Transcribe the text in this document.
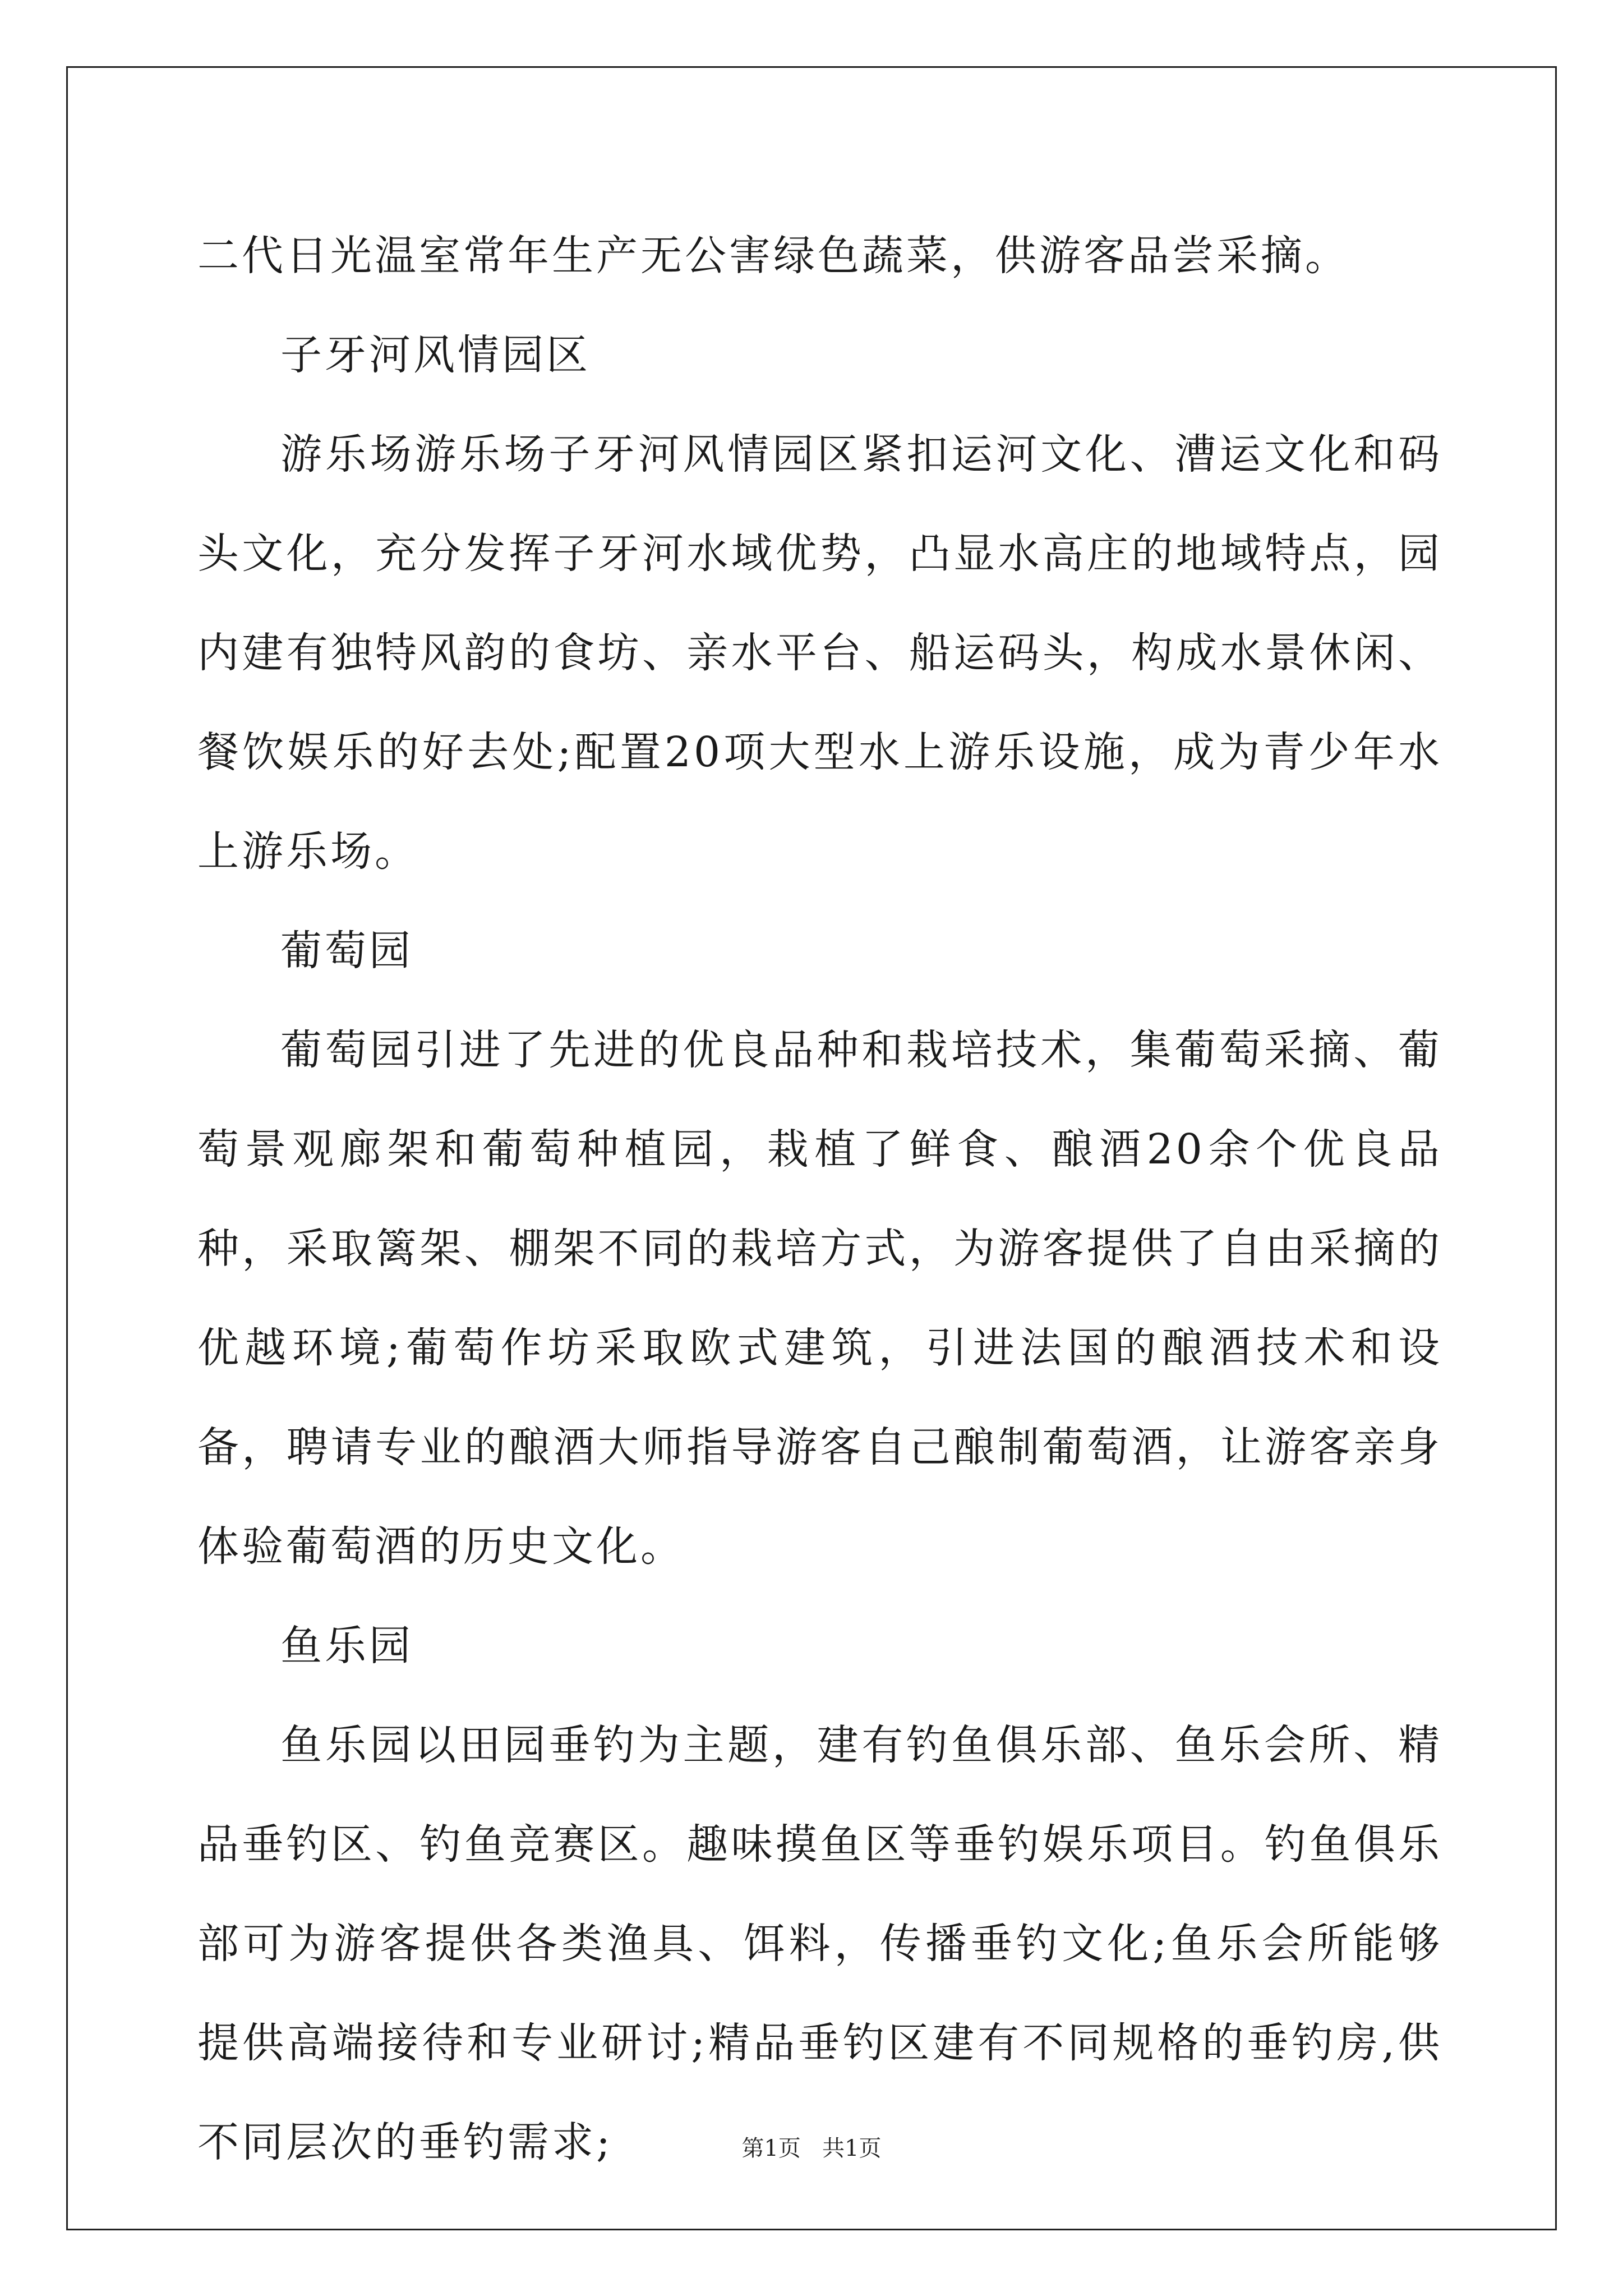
二代日光温室常年生产无公害绿色蔬菜，供游客品尝采摘。

子牙河风情园区

游乐场游乐场子牙河风情园区紧扣运河文化、漕运文化和码头文化，充分发挥子牙河水域优势，凸显水高庄的地域特点，园内建有独特风韵的食坊、亲水平台、船运码头，构成水景休闲、餐饮娱乐的好去处;配置20项大型水上游乐设施，成为青少年水上游乐场。

葡萄园

葡萄园引进了先进的优良品种和栽培技术，集葡萄采摘、葡萄景观廊架和葡萄种植园，栽植了鲜食、酿酒20余个优良品种，采取篱架、棚架不同的栽培方式，为游客提供了自由采摘的优越环境;葡萄作坊采取欧式建筑，引进法国的酿酒技术和设备，聘请专业的酿酒大师指导游客自己酿制葡萄酒，让游客亲身体验葡萄酒的历史文化。

鱼乐园

鱼乐园以田园垂钓为主题，建有钓鱼俱乐部、鱼乐会所、精品垂钓区、钓鱼竞赛区。趣味摸鱼区等垂钓娱乐项目。钓鱼俱乐部可为游客提供各类渔具、饵料，传播垂钓文化;鱼乐会所能够提供高端接待和专业研讨;精品垂钓区建有不同规格的垂钓房,供不同层次的垂钓需求;	第1页   共1页
